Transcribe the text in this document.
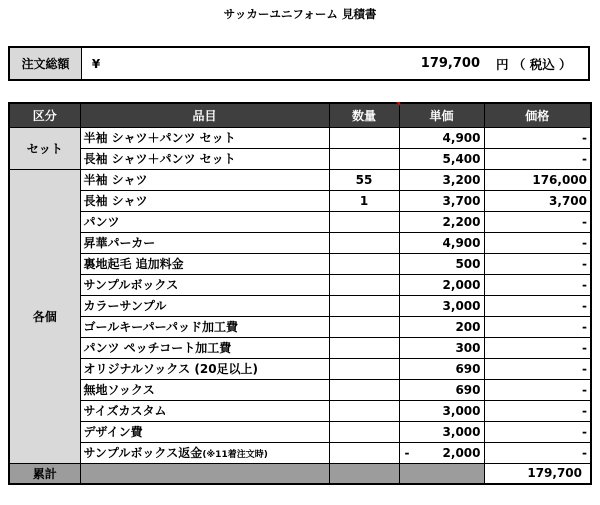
サッカーユニフォーム 見積書
注文総額	¥	179,700	円 （ 税込 ）
区分	品目	数量	単価	価格
セット	半袖 シャツ＋パンツ セット		4,900	-
	長袖 シャツ＋パンツ セット		5,400	-
各個	半袖 シャツ	55	3,200	176,000
	長袖 シャツ	1	3,700	3,700
	パンツ		2,200	-
	昇華パーカー		4,900	-
	裏地起毛 追加料金		500	-
	サンプルボックス		2,000	-
	カラーサンプル		3,000	-
	ゴールキーパーパッド加工費		200	-
	パンツ ペッチコート加工費		300	-
	オリジナルソックス (20足以上)		690	-
	無地ソックス		690	-
	サイズカスタム		3,000	-
	デザイン費		3,000	-
	サンプルボックス返金(※11着注文時)		- 2,000	-
累計				179,700
